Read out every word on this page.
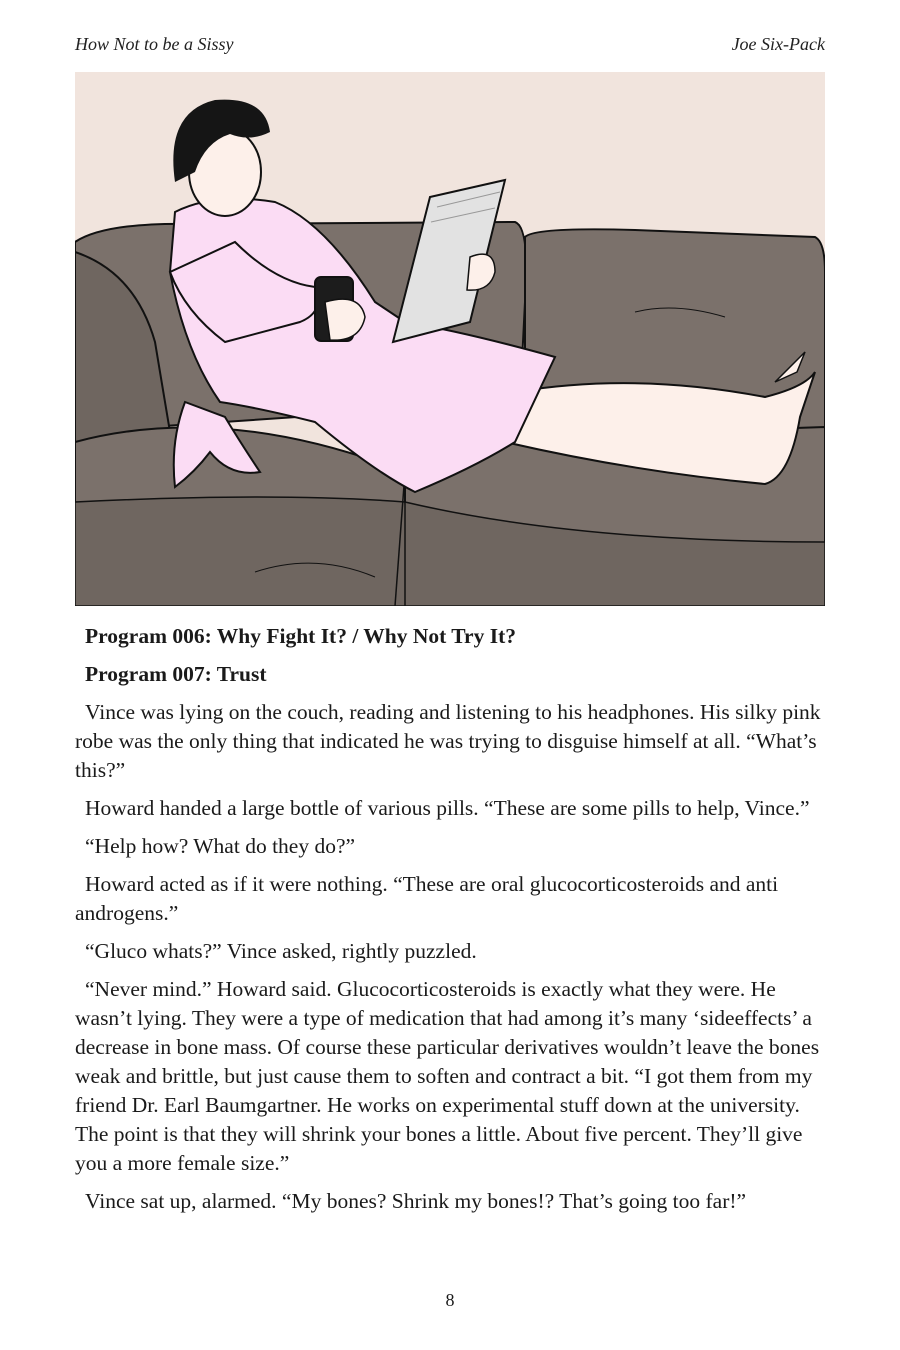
How Not to be a Sissy	Joe Six-Pack
Program 006: Why Fight It? / Why Not Try It?
Program 007: Trust

Vince was lying on the couch, reading and listening to his headphones. His silky pink robe was the only thing that indicated he was trying to disguise himself at all. “What’s this?”

Howard handed a large bottle of various pills. “These are some pills to help, Vince.”

“Help how? What do they do?”

Howard acted as if it were nothing. “These are oral glucocorticosteroids and anti androgens.”

“Gluco whats?” Vince asked, rightly puzzled.

“Never mind.” Howard said. Glucocorticosteroids is exactly what they were. He wasn’t lying. They were a type of medication that had among it’s many ‘sideeffects’ a decrease in bone mass. Of course these particular derivatives wouldn’t leave the bones weak and brittle, but just cause them to soften and contract a bit. “I got them from my friend Dr. Earl Baumgartner. He works on experimental stuff down at the university. The point is that they will shrink your bones a little. About five percent. They’ll give you a more female size.”

Vince sat up, alarmed. “My bones? Shrink my bones!? That’s going too far!”

8
